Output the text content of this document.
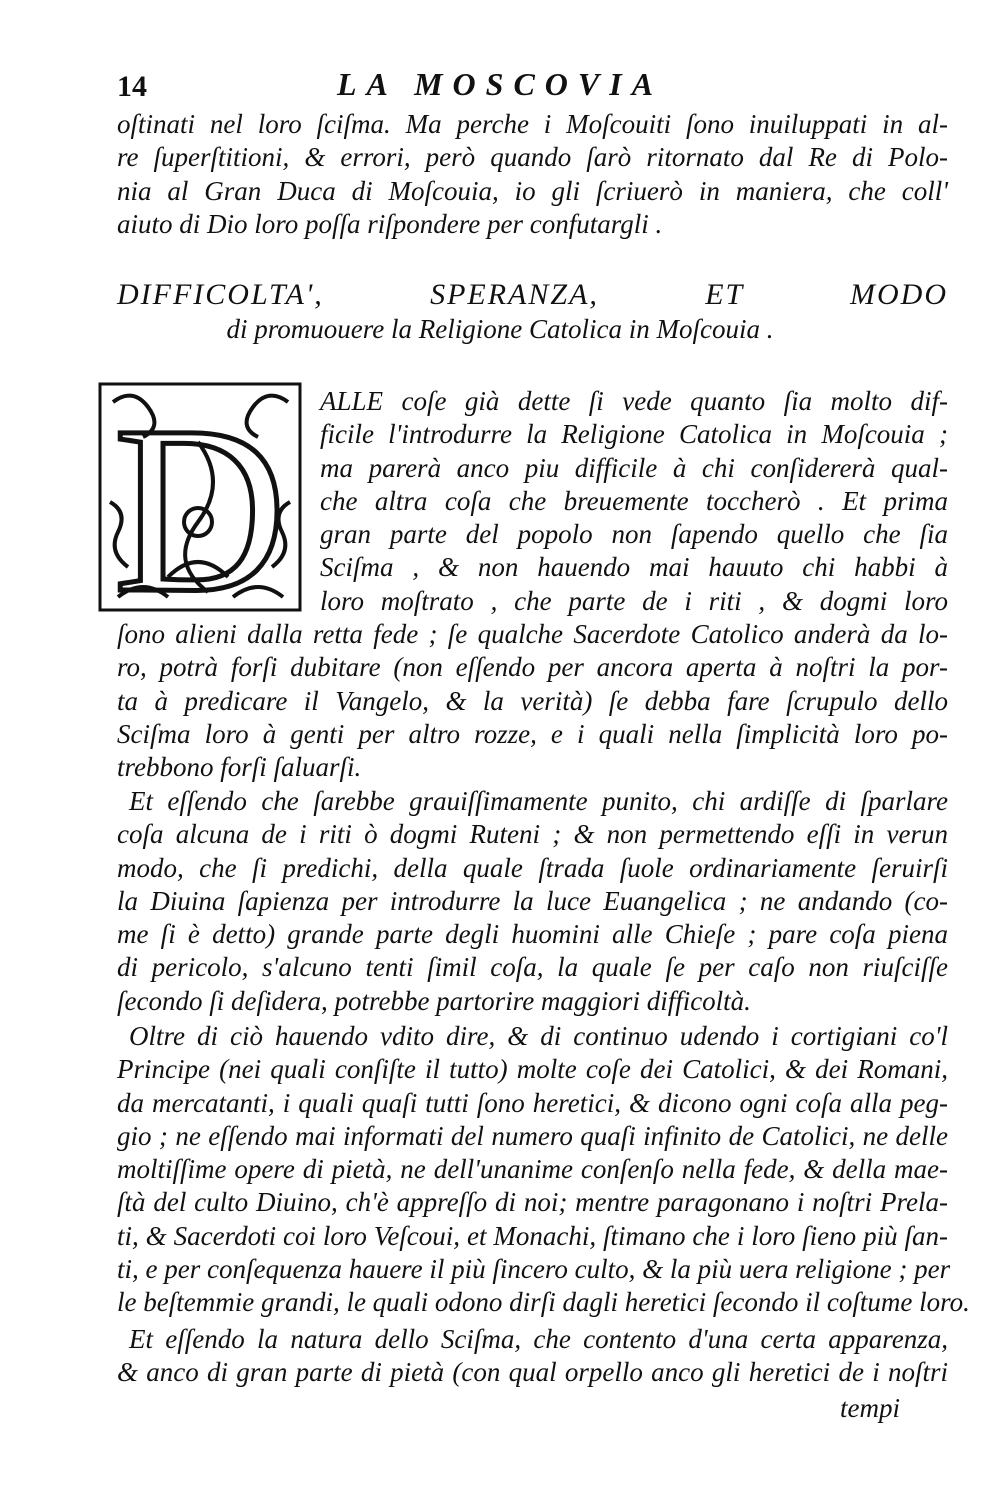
14	LA MOSCOVIA
oſtinati nel loro ſciſma. Ma perche i Moſcouiti ſono inuiluppati in al-
re ſuperſtitioni, & errori, però quando ſarò ritornato dal Re di Polo-
nia al Gran Duca di Moſcouia, io gli ſcriuerò in maniera, che coll'
aiuto di Dio loro poſſa riſpondere per confutargli .
DIFFICOLTA', SPERANZA, ET MODO
di promuouere la Religione Catolica in Moſcouia .
D ALLE coſe già dette ſi vede quanto ſia molto dif-
ficile l'introdurre la Religione Catolica in Moſcouia ;
ma parerà anco piu difficile à chi conſidererà qual-
che altra coſa che breuemente toccherò . Et prima
gran parte del popolo non ſapendo quello che ſia
Sciſma , & non hauendo mai hauuto chi habbi à
loro moſtrato , che parte de i riti , & dogmi loro
ſono alieni dalla retta fede ; ſe qualche Sacerdote Catolico anderà da lo-
ro, potrà forſi dubitare (non eſſendo per ancora aperta à noſtri la por-
ta à predicare il Vangelo, & la verità) ſe debba fare ſcrupulo dello
Sciſma loro à genti per altro rozze, e i quali nella ſimplicità loro po-
trebbono forſi ſaluarſi.
Et eſſendo che ſarebbe grauiſſimamente punito, chi ardiſſe di ſparlare
coſa alcuna de i riti ò dogmi Ruteni ; & non permettendo eſſi in verun
modo, che ſi predichi, della quale ſtrada ſuole ordinariamente ſeruirſi
la Diuina ſapienza per introdurre la luce Euangelica ; ne andando (co-
me ſi è detto) grande parte degli huomini alle Chieſe ; pare coſa piena
di pericolo, s'alcuno tenti ſimil coſa, la quale ſe per caſo non riuſciſſe
ſecondo ſi deſidera, potrebbe partorire maggiori difficoltà.
Oltre di ciò hauendo vdito dire, & di continuo udendo i cortigiani co'l
Principe (nei quali conſiſte il tutto) molte coſe dei Catolici, & dei Romani,
da mercatanti, i quali quaſi tutti ſono heretici, & dicono ogni coſa alla peg-
gio ; ne eſſendo mai informati del numero quaſi infinito de Catolici, ne delle
moltiſſime opere di pietà, ne dell'unanime conſenſo nella fede, & della mae-
ſtà del culto Diuino, ch'è appreſſo di noi; mentre paragonano i noſtri Prela-
ti, & Sacerdoti coi loro Veſcoui, et Monachi, ſtimano che i loro ſieno più ſan-
ti, e per conſequenza hauere il più ſincero culto, & la più uera religione ; per
le beſtemmie grandi, le quali odono dirſi dagli heretici ſecondo il coſtume loro.
Et eſſendo la natura dello Sciſma, che contento d'una certa apparenza,
& anco di gran parte di pietà (con qual orpello anco gli heretici de i noſtri
tempi
